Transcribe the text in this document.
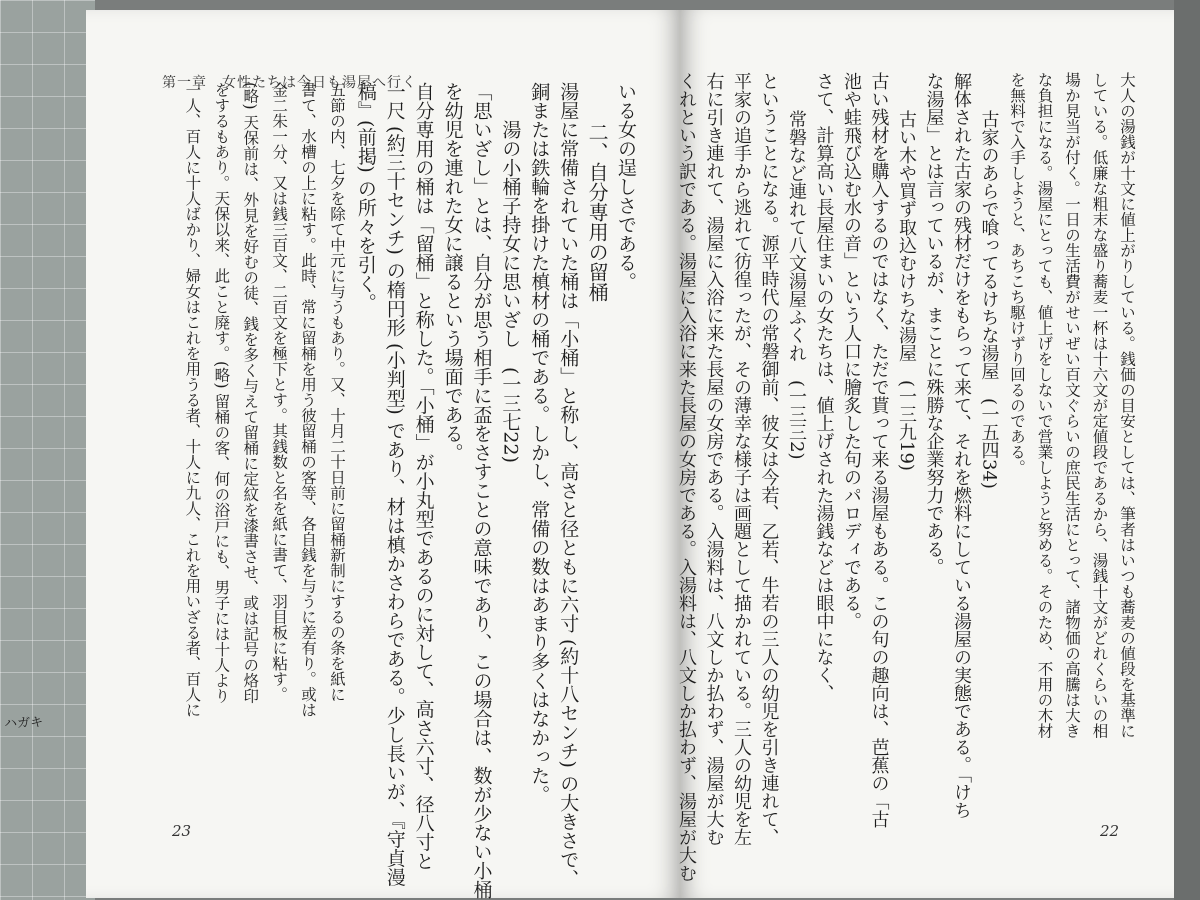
ハガキ
第一章　女性たちは今日も湯屋へ行く	いる女の逞しさである。
二、自分専用の留桶
湯屋に常備されていた桶は「小桶」と称し、高さと径ともに六寸 (約十八センチ) の大きさで、
銅または鉄輪を掛けた槙材の桶である。しかし、常備の数はあまり多くはなかった。
湯の小桶子持女に思いざし　(一三七22)
「思いざし」とは、自分が思う相手に盃をさすことの意味であり、この場合は、数が少ない小桶
を幼児を連れた女に譲るという場面である。
自分専用の桶は「留桶」と称した。「小桶」が小丸型であるのに対して、高さ六寸、径八寸と
一尺 (約三十センチ) の楕円形 (小判型) であり、材は槙かさわらである。少し長いが、『守貞漫
稿』(前掲) の所々を引く。
五節の内、七夕を除て中元に与うもあり。又、十月二十日前に留桶新制にするの条を紙に
書て、水槽の上に粘す。此時、常に留桶を用う彼留桶の客等、各自銭を与うに差有り。或は
金二朱一分、又は銭三百文、二百文を極下とす。其銭数と名を紙に書て、羽目板に粘す。
(略) 天保前は、外見を好むの徒、銭を多く与えて留桶に定紋を漆書させ、或は記号の烙印
をするもあり。天保以来、此こと廃す。(略) 留桶の客、何の浴戸にも、男子には十人より
一人、百人に十人ばかり、婦女はこれを用うる者、十人に九人、これを用いざる者、百人に	大人の湯銭が十文に値上がりしている。銭価の目安としては、筆者はいつも蕎麦の値段を基準に
している。低廉な粗末な盛り蕎麦一杯は十六文が定値段であるから、湯銭十文がどれくらいの相
場か見当が付く。一日の生活費がせいぜい百文ぐらいの庶民生活にとって、諸物価の高騰は大き
な負担になる。湯屋にとっても、値上げをしないで営業しようと努める。そのため、不用の木材
を無料で入手しようと、あちこち駆けずり回るのである。
古家のあらで喰ってるけちな湯屋　(一五四34)
解体された古家の残材だけをもらって来て、それを燃料にしている湯屋の実態である。「けち
な湯屋」とは言っているが、まことに殊勝な企業努力である。
古い木や買ず取込むけちな湯屋　(一三九19)
古い残材を購入するのではなく、ただで貰って来る湯屋もある。この句の趣向は、芭蕉の「古
池や蛙飛び込む水の音」という人口に膾炙した句のパロディである。
さて、計算高い長屋住まいの女たちは、値上げされた湯銭などは眼中になく、
常磐など連れて八文湯屋ふくれ　(一三三2)
ということになる。源平時代の常磐御前、彼女は今若、乙若、牛若の三人の幼児を引き連れて、
平家の追手から逃れて彷徨ったが、その薄幸な様子は画題として描かれている。三人の幼児を左
右に引き連れて、湯屋に入浴に来た長屋の女房である。入湯料は、八文しか払わず、湯屋が大む
くれという訳である。湯屋に入浴に来た長屋の女房である。入湯料は、八文しか払わず、湯屋が大む
23	22
